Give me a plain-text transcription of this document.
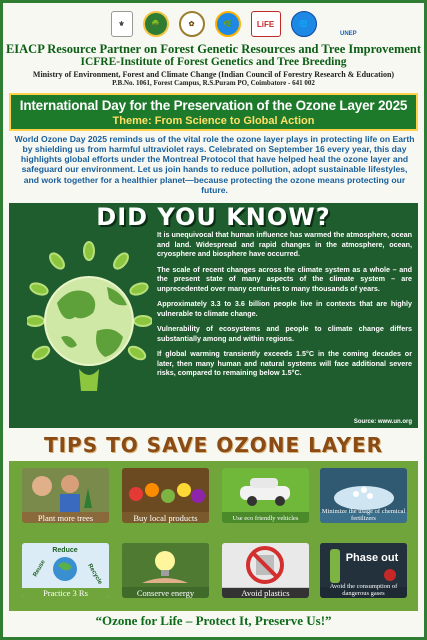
⚜	🌳	✿	🌿	LiFE	🌐
UNEP
EIACP Resource Partner on Forest Genetic Resources and Tree Improvement
ICFRE-Institute of Forest Genetics and Tree Breeding
Ministry of Environment, Forest and Climate Change (Indian Council of Forestry Research & Education)
P.B.No. 1061, Forest Campus, R.S.Puram PO, Coimbatore - 641 002
International Day for the Preservation of the Ozone Layer 2025
Theme: From Science to Global Action
World Ozone Day 2025 reminds us of the vital role the ozone layer plays in protecting life on Earth by shielding us from harmful ultraviolet rays. Celebrated on September 16 every year, this day highlights global efforts under the Montreal Protocol that have helped heal the ozone layer and safeguard our environment. Let us join hands to reduce pollution, adopt sustainable lifestyles, and work together for a healthier planet—because protecting the ozone means protecting our future.
DID YOU KNOW?

It is unequivocal that human influence has warmed the atmosphere, ocean and land. Widespread and rapid changes in the atmosphere, ocean, cryosphere and biosphere have occurred.

The scale of recent changes across the climate system as a whole – and the present state of many aspects of the climate system – are unprecedented over many centuries to many thousands of years.

Approximately 3.3 to 3.6 billion people live in contexts that are highly vulnerable to climate change.

Vulnerability of ecosystems and people to climate change differs substantially among and within regions.

If global warming transiently exceeds 1.5°C in the coming decades or later, then many human and natural systems will face additional severe risks, compared to remaining below 1.5°C.

Source: www.un.org
TIPS TO SAVE OZONE LAYER
Plant more trees	Buy local products	Use eco friendly vehicles
Minimize the usage of chemical fertilizers
Reduce
Reuse	Recycle
Practice 3 Rs	Conserve energy	Avoid plastics
Phase out
Avoid the consumption of dangerous gases
“Ozone for Life – Protect It, Preserve Us!”
